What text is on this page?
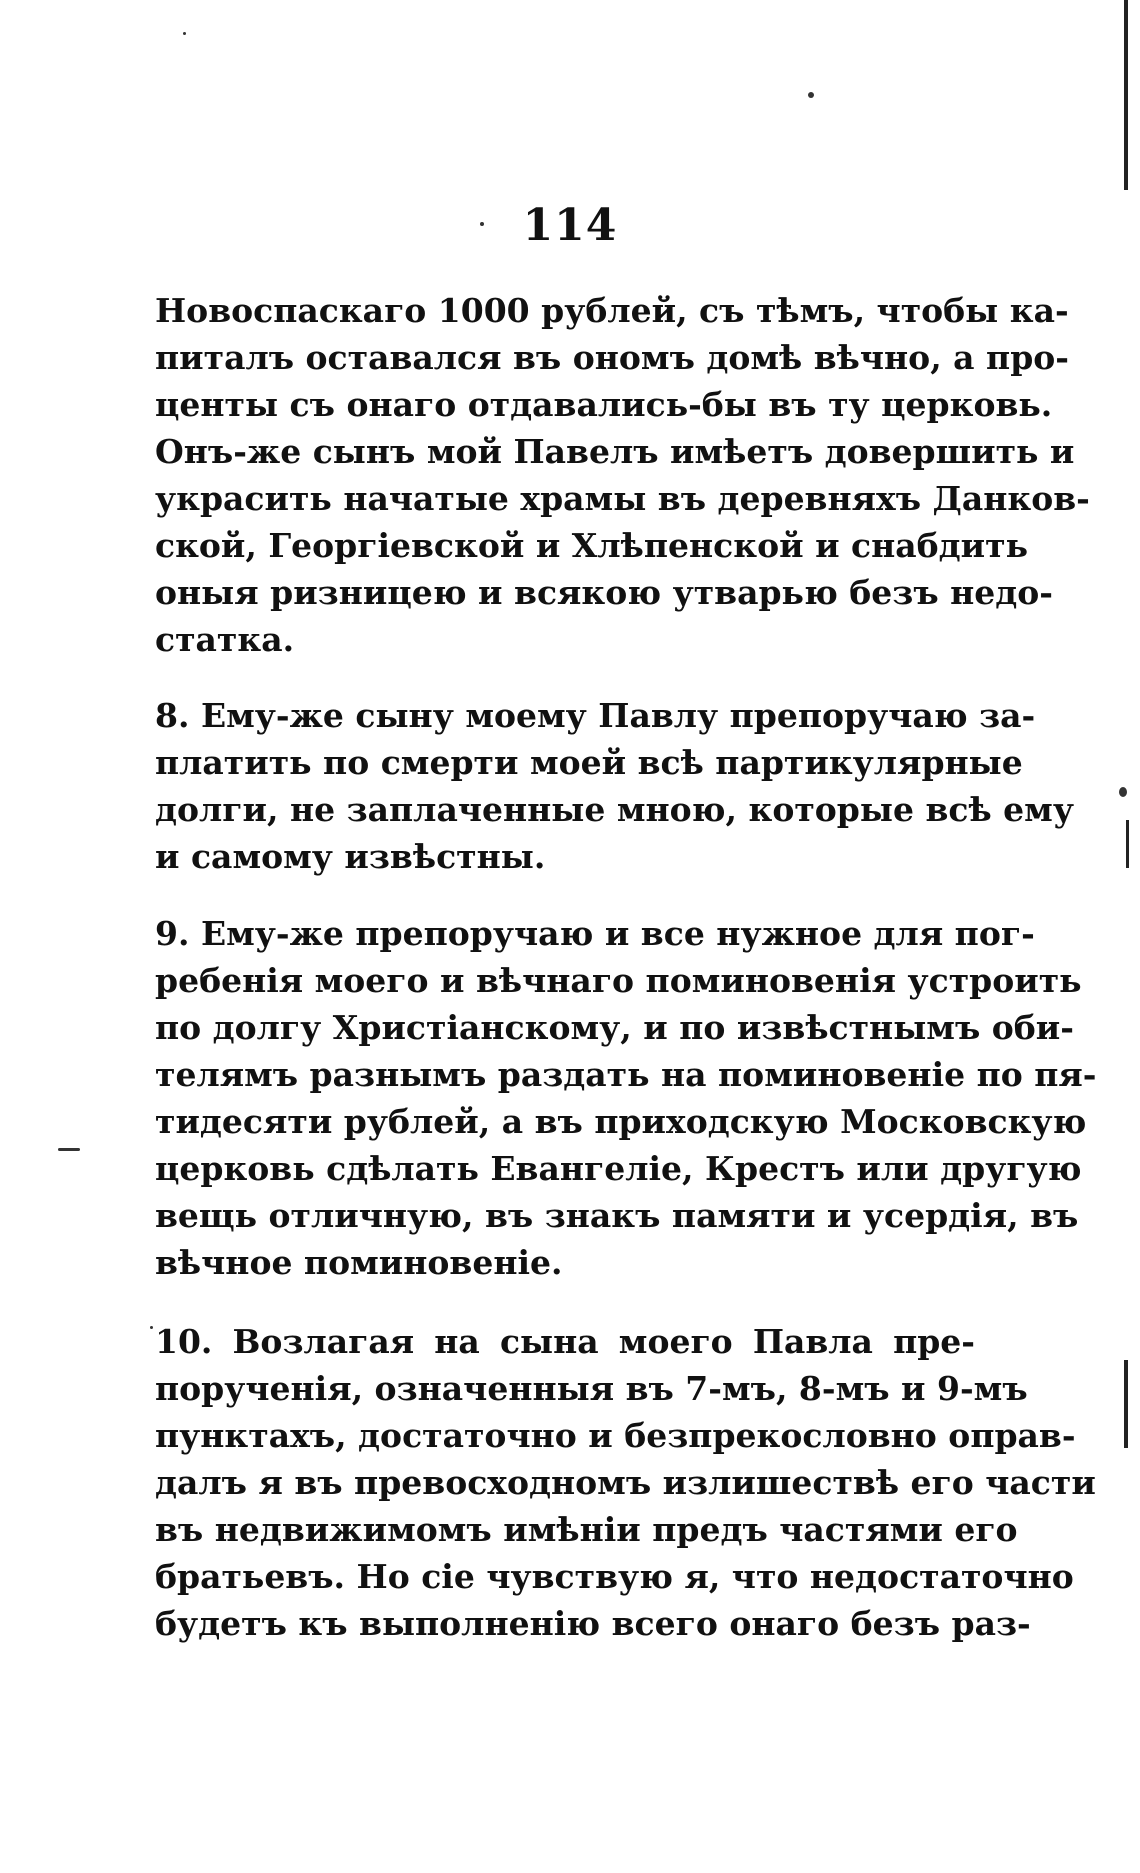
114
Новоспаскаго 1000 рублей, съ тѣмъ, чтобы ка-
питалъ оставался въ ономъ домѣ вѣчно, а про-
центы съ онаго отдавались-бы въ ту церковь.
Онъ-же сынъ мой Павелъ имѣетъ довершить и
украсить начатые храмы въ деревняхъ Данков-
ской, Георгіевской и Хлѣпенской и снабдить
оныя ризницею и всякою утварью безъ недо-
статка.
8. Ему-же сыну моему Павлу препоручаю за-
платить по смерти моей всѣ партикулярные
долги, не заплаченные мною, которые всѣ ему
и самому извѣстны.
9. Ему-же препоручаю и все нужное для пог-
ребенія моего и вѣчнаго поминовенія устроить
по долгу Христіанскому, и по извѣстнымъ оби-
телямъ разнымъ раздать на поминовеніе по пя-
тидесяти рублей, а въ приходскую Московскую
церковь сдѣлать Евангеліе, Крестъ или другую
вещь отличную, въ знакъ памяти и усердія, въ
вѣчное поминовеніе.
10. Возлагая на сына моего Павла пре-
порученія, означенныя въ 7-мъ, 8-мъ и 9-мъ
пунктахъ, достаточно и безпрекословно оправ-
далъ я въ превосходномъ излишествѣ его части
въ недвижимомъ имѣніи предъ частями его
братьевъ. Но сіе чувствую я, что недостаточно
будетъ къ выполненію всего онаго безъ раз-
